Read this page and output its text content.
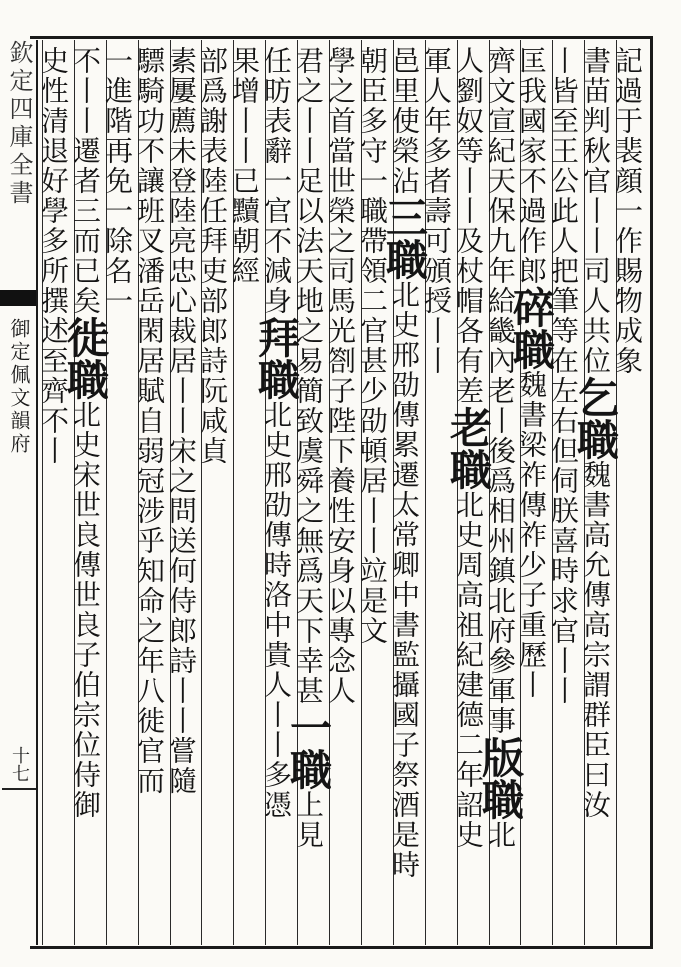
欽定四庫全書
御定佩文韻府
十七
記過于裴顔一作賜物成象
書苗判秋官丨丨司人共位乞職魏書高允傳高宗謂群臣曰汝
丨皆至王公此人把筆等在左右但伺朕喜時求官丨丨
匡我國家不過作郎碎職魏書梁祚傳祚少子重歷丨
齊文宣紀天保九年給畿內老丨後爲相州鎮北府參軍事版職北
人劉奴等丨丨及杖帽各有差老職北史周高祖紀建德二年詔史
軍人年多者壽可頒授丨丨
邑里使榮沾三職北史邢劭傳累遷太常卿中書監攝國子祭酒是時
朝臣多守一職帶領二官甚少劭頓居丨丨竝是文
學之首當世榮之司馬光劄子陛下養性安身以專念人
君之丨丨足以法天地之易簡致虞舜之無爲天下幸甚一職上見
任昉表辭一官不減身拜職北史邢劭傳時洛中貴人丨丨多憑
果增丨丨已黷朝經
部爲謝表陸任拜吏部郎詩阮咸貞
素屢薦未登陸亮忠心裁居丨丨宋之問送何侍郎詩丨丨嘗隨
驃騎功不讓班叉潘岳閑居賦自弱冠涉乎知命之年八徙官而
一進階再免一除名一
不丨丨遷者三而已矣徙職北史宋世良傳世良子伯宗位侍御
史性清退好學多所撰述至齊不丨
